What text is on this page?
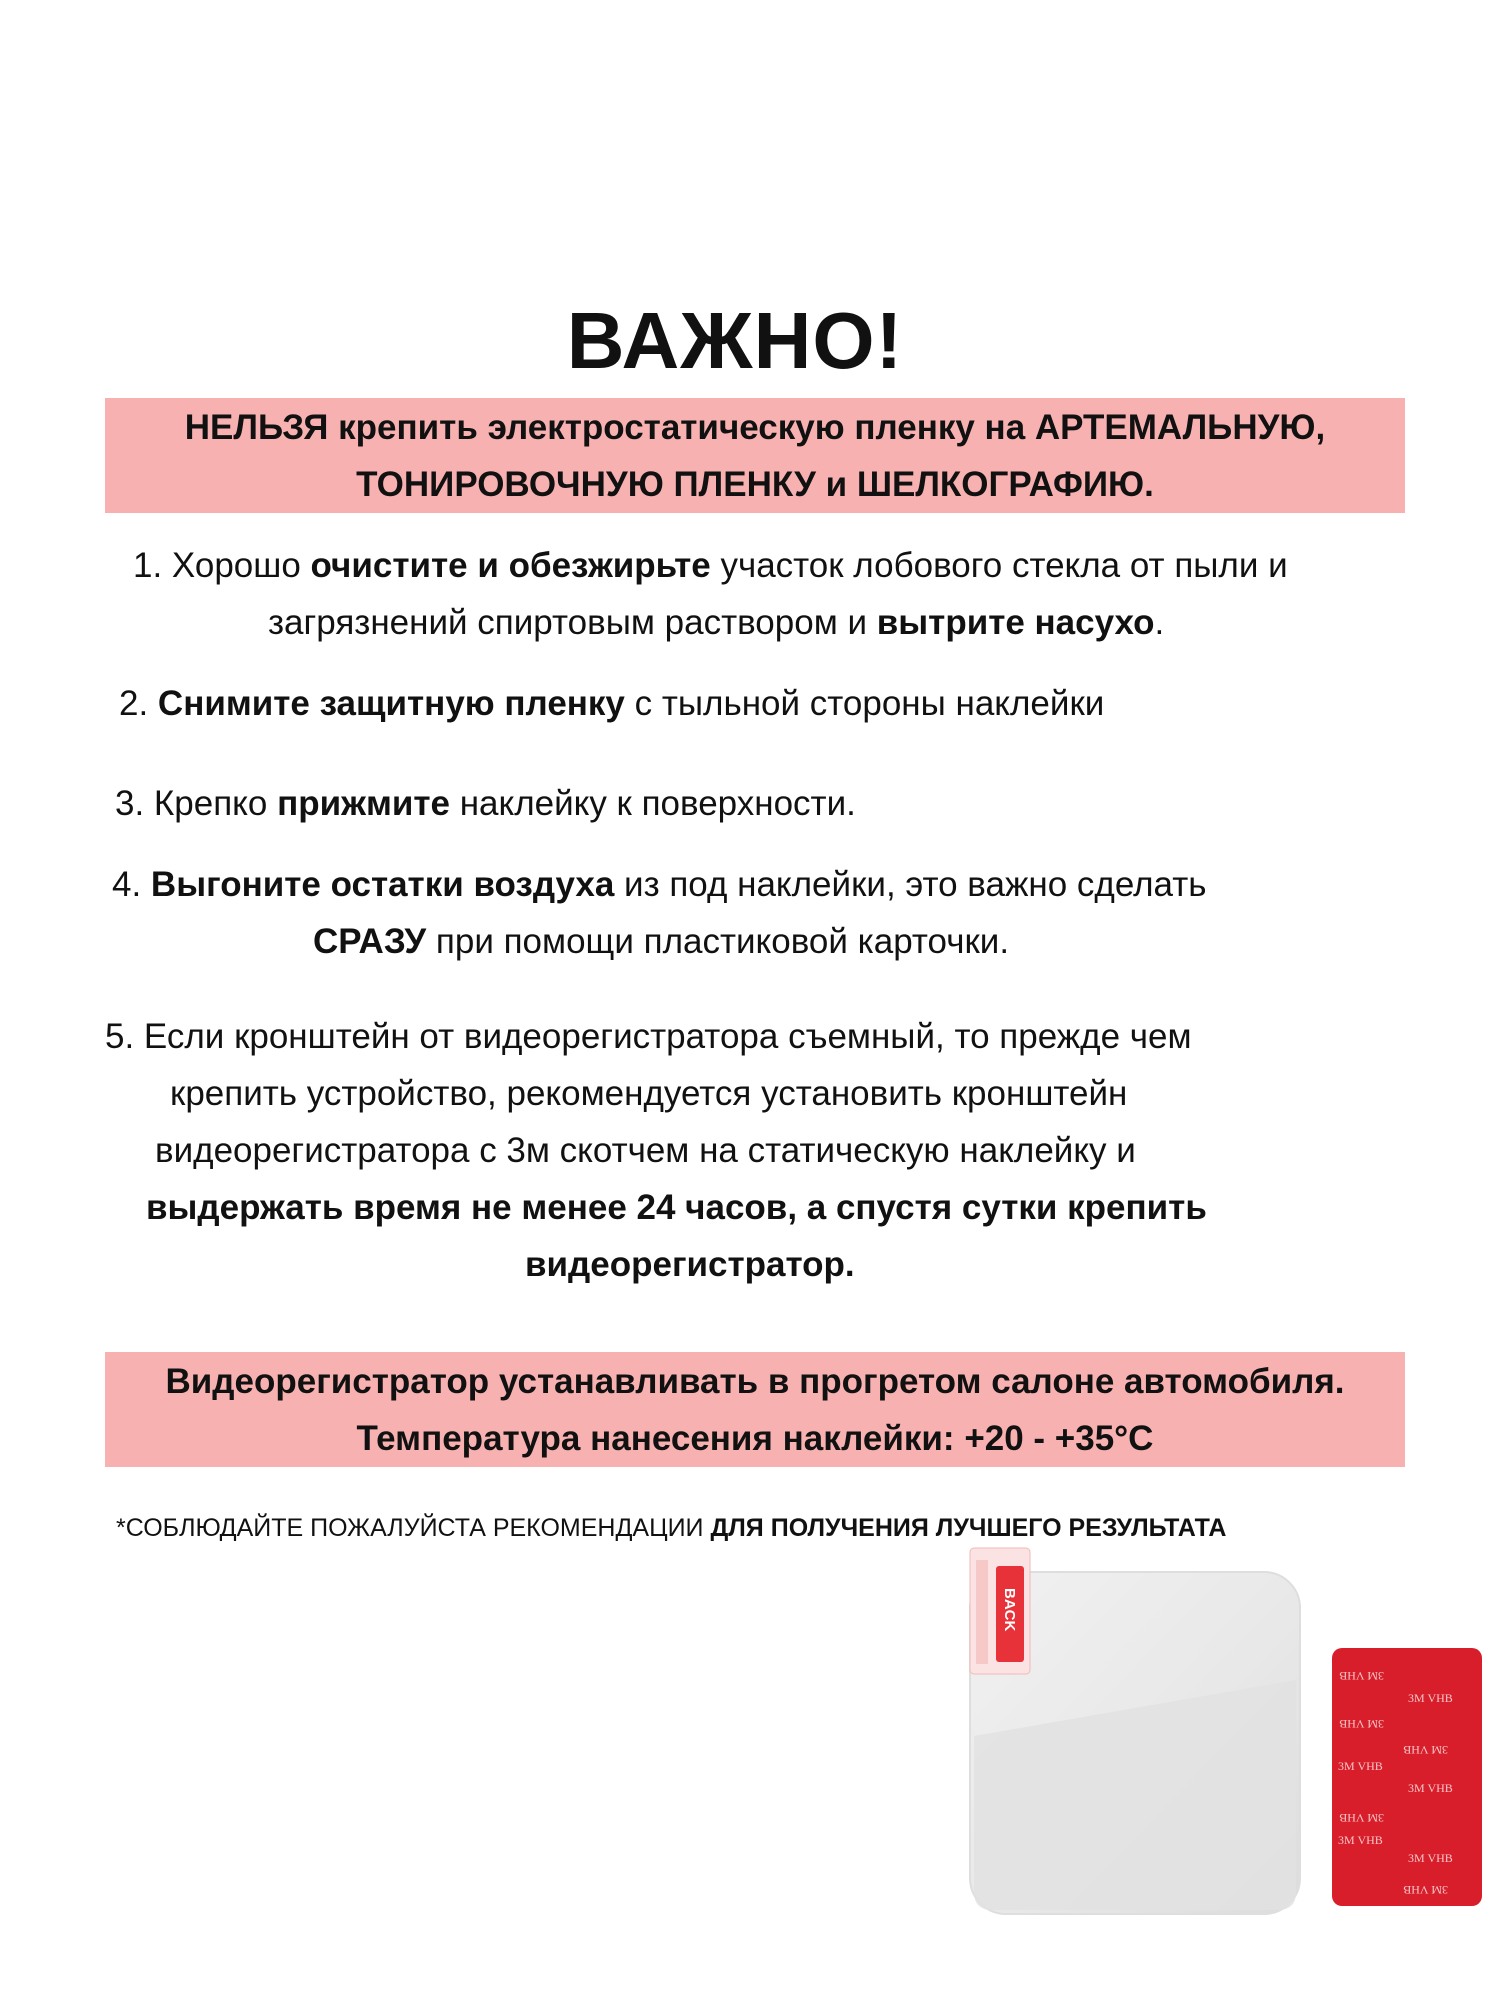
ВАЖНО!
НЕЛЬЗЯ крепить электростатическую пленку на АРТЕМАЛЬНУЮ,
ТОНИРОВОЧНУЮ ПЛЕНКУ и ШЕЛКОГРАФИЮ.
1. Хорошо очистите и обезжирьте участок лобового стекла от пыли и
загрязнений спиртовым раствором и вытрите насухо.
2. Снимите защитную пленку с тыльной стороны наклейки
3. Крепко прижмите наклейку к поверхности.
4. Выгоните остатки воздуха из под наклейки, это важно сделать
СРАЗУ при помощи пластиковой карточки.
5. Если кронштейн от видеорегистратора съемный, то прежде чем
крепить устройство, рекомендуется установить кронштейн
видеорегистратора с 3м скотчем на статическую наклейку и
выдержать время не менее 24 часов, а спустя сутки крепить
видеорегистратор.
Видеорегистратор устанавливать в прогретом салоне автомобиля.
Температура нанесения наклейки: +20 - +35°С
*СОБЛЮДАЙТЕ ПОЖАЛУЙСТА РЕКОМЕНДАЦИИ ДЛЯ ПОЛУЧЕНИЯ ЛУЧШЕГО РЕЗУЛЬТАТА
BACK
3M VHB
3M VHB
3M VHB
3M VHB
3M VHB
3M VHB
3M VHB
3M VHB
3M VHB
3M VHB
